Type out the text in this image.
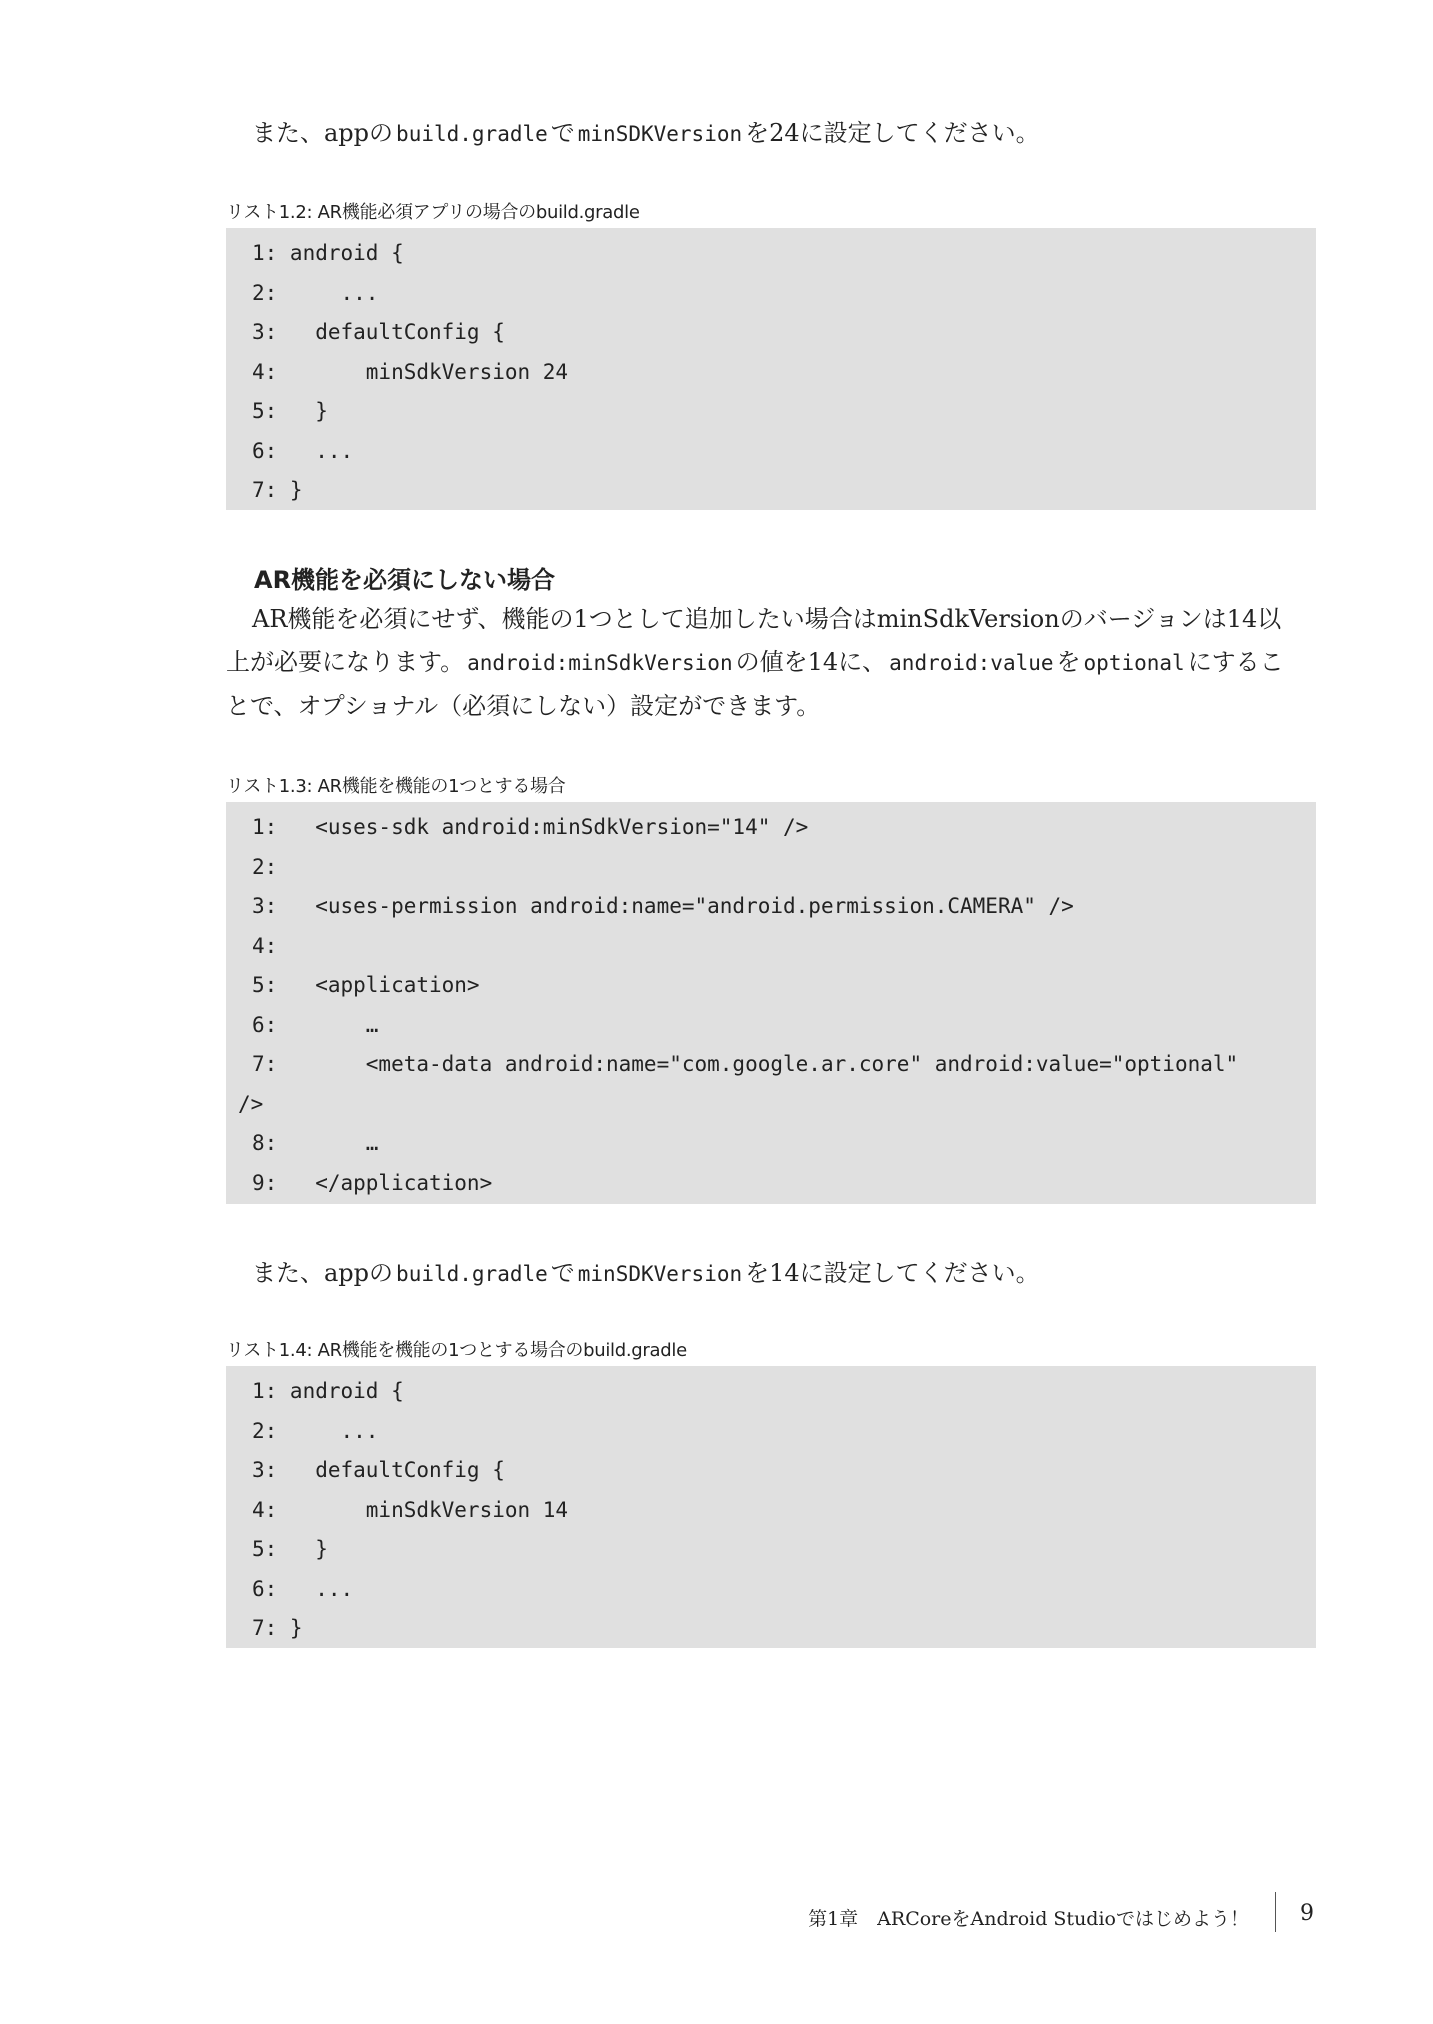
また、appの build.gradle で minSDKVersion を24に設定してください。
リスト1.2: AR機能必須アプリの場合のbuild.gradle
1: android {
2:     ...
3:   defaultConfig {
4:       minSdkVersion 24
5:   }
6:   ...
7: }
AR機能を必須にしない場合
AR機能を必須にせず、機能の1つとして追加したい場合はminSdkVersionのバージョンは14以
上が必要になります。 android:minSdkVersion の値を14に、 android:value を optional にするこ
とで、オプショナル（必須にしない）設定ができます。
リスト1.3: AR機能を機能の1つとする場合
1:   <uses-sdk android:minSdkVersion="14" />
2:
3:   <uses-permission android:name="android.permission.CAMERA" />
4:
5:   <application>
6:       …
7:       <meta-data android:name="com.google.ar.core" android:value="optional"
/>
8:       …
9:   </application>
また、appの build.gradle で minSDKVersion を14に設定してください。
リスト1.4: AR機能を機能の1つとする場合のbuild.gradle
1: android {
2:     ...
3:   defaultConfig {
4:       minSdkVersion 14
5:   }
6:   ...
7: }
第1章　ARCoreをAndroid Studioではじめよう！ 9
